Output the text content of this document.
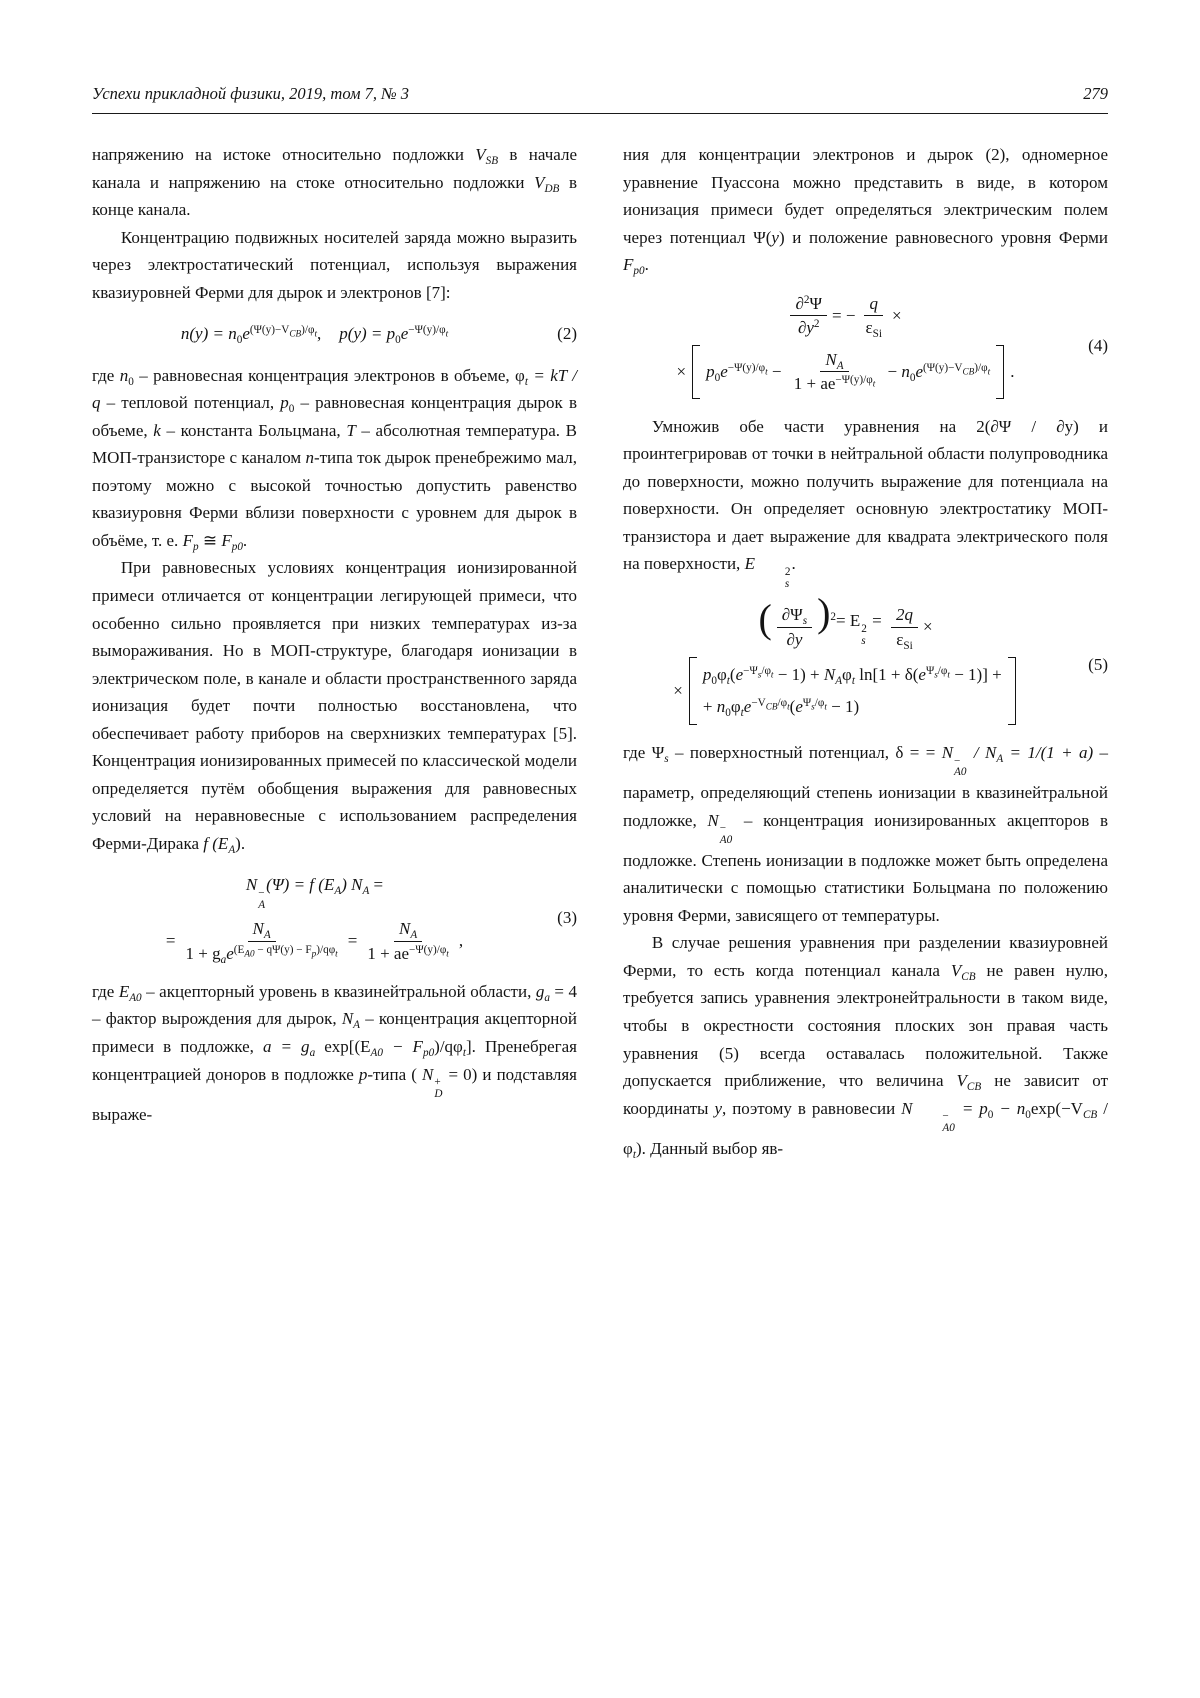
Успехи прикладной физики, 2019, том 7, № 3	279

напряжению на истоке относительно подложки $V_{SB}$ в начале канала и напряжению на стоке относительно подложки $V_{DB}$ в конце канала.

Концентрацию подвижных носителей заряда можно выразить через электростатический потенциал, используя выражения квазиуровней Ферми для дырок и электронов [7]:

$n(y) = n_0e^{(\Psi(y)-V_{CB})/\varphi_t}$, $p(y) = p_0e^{-\Psi(y)/\varphi_t}$	(2)

где $n_0$ – равновесная концентрация электронов в объеме, $\varphi_t$ = kT / q – тепловой потенциал, $p_0$ – равновесная концентрация дырок в объеме, k – константа Больцмана, T – абсолютная температура. В МОП-транзисторе с каналом n-типа ток дырок пренебрежимо мал, поэтому можно с высокой точностью допустить равенство квазиуровня Ферми вблизи поверхности с уровнем для дырок в объёме, т. е. $F_p$ ≅ $F_{p0}$.

При равновесных условиях концентрация ионизированной примеси отличается от концентрации легирующей примеси, что особенно сильно проявляется при низких температурах из-за вымораживания. Но в МОП-структуре, благодаря ионизации в электрическом поле, в канале и области пространственного заряда ионизация будет почти полностью восстановлена, что обеспечивает работу приборов на сверхнизких температурах [5]. Концентрация ионизированных примесей по классической модели определяется путём обобщения выражения для равновесных условий на неравновесные с использованием распределения Ферми-Дирака f $(E_A)$.

N −
A
(Ψ) = f $(E_A) N_A$ =
= $\frac{N_A}{1 + g_ae^{(E_{A0} - q\Psi(y) - F_p)/q\varphi_t}} = \frac{N_A}{1 + ae^{-\Psi(y)/\varphi_t}}$ ,
(3)

где $E_{A0}$ – акцепторный уровень в квазинейтральной области, $g_a = 4$ – фактор вырождения для дырок, $N_A$ – концентрация акцепторной примеси в подложке, $a = g_a$ $\exp[(E_{A0} - F_{p0})/q\varphi_t]$. Пренебрегая концентрацией доноров в подложке p-типа ( N +
D
= 0) и подставляя выраже-

ния для концентрации электронов и дырок (2), одномерное уравнение Пуассона можно представить в виде, в котором ионизация примеси будет определяться электрическим полем через потенциал Ψ(y) и положение равновесного уровня Ферми $F_{p0}$.

$\frac{\partial^2\Psi}{\partial y^2}$ = − $\frac{q}{\varepsilon_{Si}}$ ×
× $p_0e^{-\Psi(y)/\varphi_t} - \frac{N_A}{1 + ae^{-\Psi(y)/\varphi_t}} - n_0e^{(\Psi(y)-V_{CB})/\varphi_t}$ .
(4)

Умножив обе части уравнения на 2(∂Ψ / ∂y) и проинтегрировав от точки в нейтральной области полупроводника до поверхности, можно получить выражение для потенциала на поверхности. Он определяет основную электростатику МОП-транзистора и дает выражение для квадрата электрического поля на поверхности, E	2
s
.

( $\frac{\partial\Psi_s}{\partial y} )^2= E$ 2
s
= $\frac{2q}{\varepsilon_{Si}}$ ×
×
$p_0\varphi_t(e^{-\Psi_s/\varphi_t} - 1) + N_A\varphi_t$ $\ln[1 + \delta(e^{\Psi_s/\varphi_t} - 1)]$ +
+ $n_0\varphi_te^{-V_{CB}/\varphi_t}(e^{\Psi_s/\varphi_t} - 1)$
(5)

где $\Psi_s$ – поверхностный потенциал, δ = = N −
A0
/ $N_A = 1/(1 + a)$ – параметр, определяющий степень ионизации в квазинейтральной подложке, N −
A0
– концентрация ионизированных акцепторов в подложке. Степень ионизации в подложке может быть определена аналитически с помощью статистики Больцмана по положению уровня Ферми, зависящего от температуры.

В случае решения уравнения при разделении квазиуровней Ферми, то есть когда потенциал канала $V_{CB}$ не равен нулю, требуется запись уравнения электронейтральности в таком виде, чтобы в окрестности состояния плоских зон правая часть уравнения (5) всегда оставалась положительной. Также допускается приближение, что величина $V_{CB}$ не зависит от координаты y, поэтому в равновесии N	−
A0
= $p_0 - n_0\exp(-V_{CB} / \varphi_t)$. Данный выбор яв-
